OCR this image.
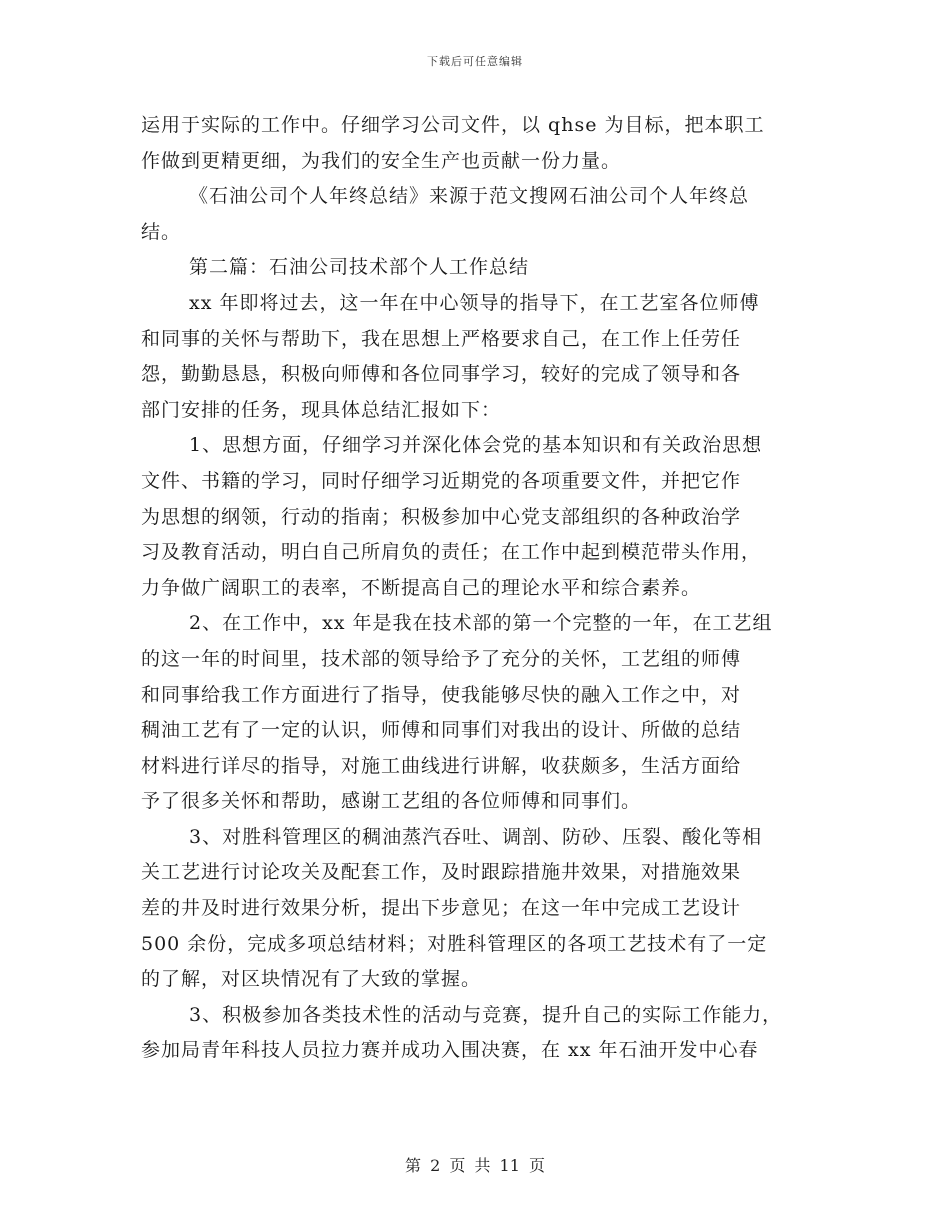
下载后可任意编辑
运用于实际的工作中。仔细学习公司文件，以 qhse 为目标，把本职工
作做到更精更细，为我们的安全生产也贡献一份力量。
《石油公司个人年终总结》来源于范文搜网石油公司个人年终总
结。
第二篇：石油公司技术部个人工作总结
xx 年即将过去，这一年在中心领导的指导下，在工艺室各位师傅
和同事的关怀与帮助下，我在思想上严格要求自己，在工作上任劳任
怨，勤勤恳恳，积极向师傅和各位同事学习，较好的完成了领导和各
部门安排的任务，现具体总结汇报如下：
1、思想方面，仔细学习并深化体会党的基本知识和有关政治思想
文件、书籍的学习，同时仔细学习近期党的各项重要文件，并把它作
为思想的纲领，行动的指南；积极参加中心党支部组织的各种政治学
习及教育活动，明白自己所肩负的责任；在工作中起到模范带头作用，
力争做广阔职工的表率，不断提高自己的理论水平和综合素养。
2、在工作中，xx 年是我在技术部的第一个完整的一年，在工艺组
的这一年的时间里，技术部的领导给予了充分的关怀，工艺组的师傅
和同事给我工作方面进行了指导，使我能够尽快的融入工作之中，对
稠油工艺有了一定的认识，师傅和同事们对我出的设计、所做的总结
材料进行详尽的指导，对施工曲线进行讲解，收获颇多，生活方面给
予了很多关怀和帮助，感谢工艺组的各位师傅和同事们。
3、对胜科管理区的稠油蒸汽吞吐、调剖、防砂、压裂、酸化等相
关工艺进行讨论攻关及配套工作，及时跟踪措施井效果，对措施效果
差的井及时进行效果分析，提出下步意见；在这一年中完成工艺设计
500 余份，完成多项总结材料；对胜科管理区的各项工艺技术有了一定
的了解，对区块情况有了大致的掌握。
3、积极参加各类技术性的活动与竞赛，提升自己的实际工作能力，
参加局青年科技人员拉力赛并成功入围决赛，在 xx 年石油开发中心春
第 2 页 共 11 页
